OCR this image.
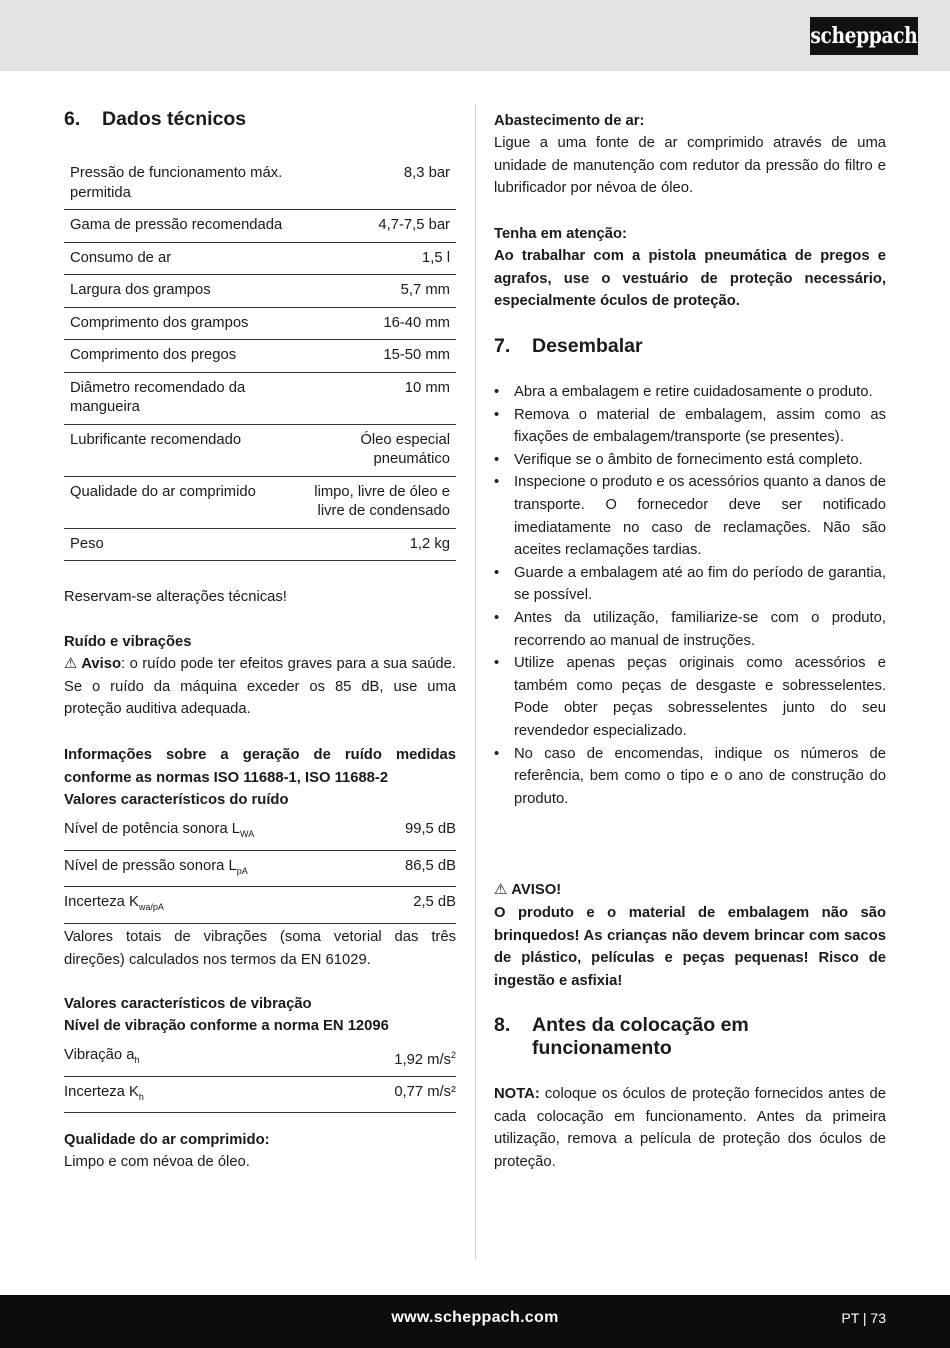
scheppach
6. Dados técnicos
Pressão de funcionamento máx. permitida	8,3 bar
Gama de pressão recomendada	4,7-7,5 bar
Consumo de ar	1,5 l
Largura dos grampos	5,7 mm
Comprimento dos grampos	16-40 mm
Comprimento dos pregos	15-50 mm
Diâmetro recomendado da mangueira	10 mm
Lubrificante recomendado	Óleo especial pneumático
Qualidade do ar comprimido	limpo, livre de óleo e livre de condensado
Peso	1,2 kg

Reservam-se alterações técnicas!

Ruído e vibrações

⚠ Aviso: o ruído pode ter efeitos graves para a sua saúde. Se o ruído da máquina exceder os 85 dB, use uma proteção auditiva adequada.

Informações sobre a geração de ruído medidas conforme as normas ISO 11688-1, ISO 11688-2

Valores característicos do ruído

Nível de potência sonora $L_{WA}$	99,5 dB
Nível de pressão sonora $L_{pA}$	86,5 dB
Incerteza $K_{wa/pA}$	2,5 dB

Valores totais de vibrações (soma vetorial das três direções) calculados nos termos da EN 61029.

Valores característicos de vibração

Nível de vibração conforme a norma EN 12096

Vibração $a_h$	1,92 $m/s^2$
Incerteza $K_h$	0,77 m/s²

Qualidade do ar comprimido:

Limpo e com névoa de óleo.

Abastecimento de ar:

Ligue a uma fonte de ar comprimido através de uma unidade de manutenção com redutor da pressão do filtro e lubrificador por névoa de óleo.

Tenha em atenção:

Ao trabalhar com a pistola pneumática de pregos e agrafos, use o vestuário de proteção necessário, especialmente óculos de proteção.

7. Desembalar
• Abra a embalagem e retire cuidadosamente o produto.
• Remova o material de embalagem, assim como as fixações de embalagem/transporte (se presentes).
• Verifique se o âmbito de fornecimento está completo.
• Inspecione o produto e os acessórios quanto a danos de transporte. O fornecedor deve ser notificado imediatamente no caso de reclamações. Não são aceites reclamações tardias.
• Guarde a embalagem até ao fim do período de garantia, se possível.
• Antes da utilização, familiarize-se com o produto, recorrendo ao manual de instruções.
• Utilize apenas peças originais como acessórios e também como peças de desgaste e sobresselentes. Pode obter peças sobresselentes junto do seu revendedor especializado.
• No caso de encomendas, indique os números de referência, bem como o tipo e o ano de construção do produto.

⚠ AVISO!

O produto e o material de embalagem não são brinquedos! As crianças não devem brincar com sacos de plástico, películas e peças pequenas! Risco de ingestão e asfixia!

8. Antes da colocação em
funcionamento

NOTA: coloque os óculos de proteção fornecidos antes de cada colocação em funcionamento. Antes da primeira utilização, remova a película de proteção dos óculos de proteção.

www.scheppach.com	PT | 73
